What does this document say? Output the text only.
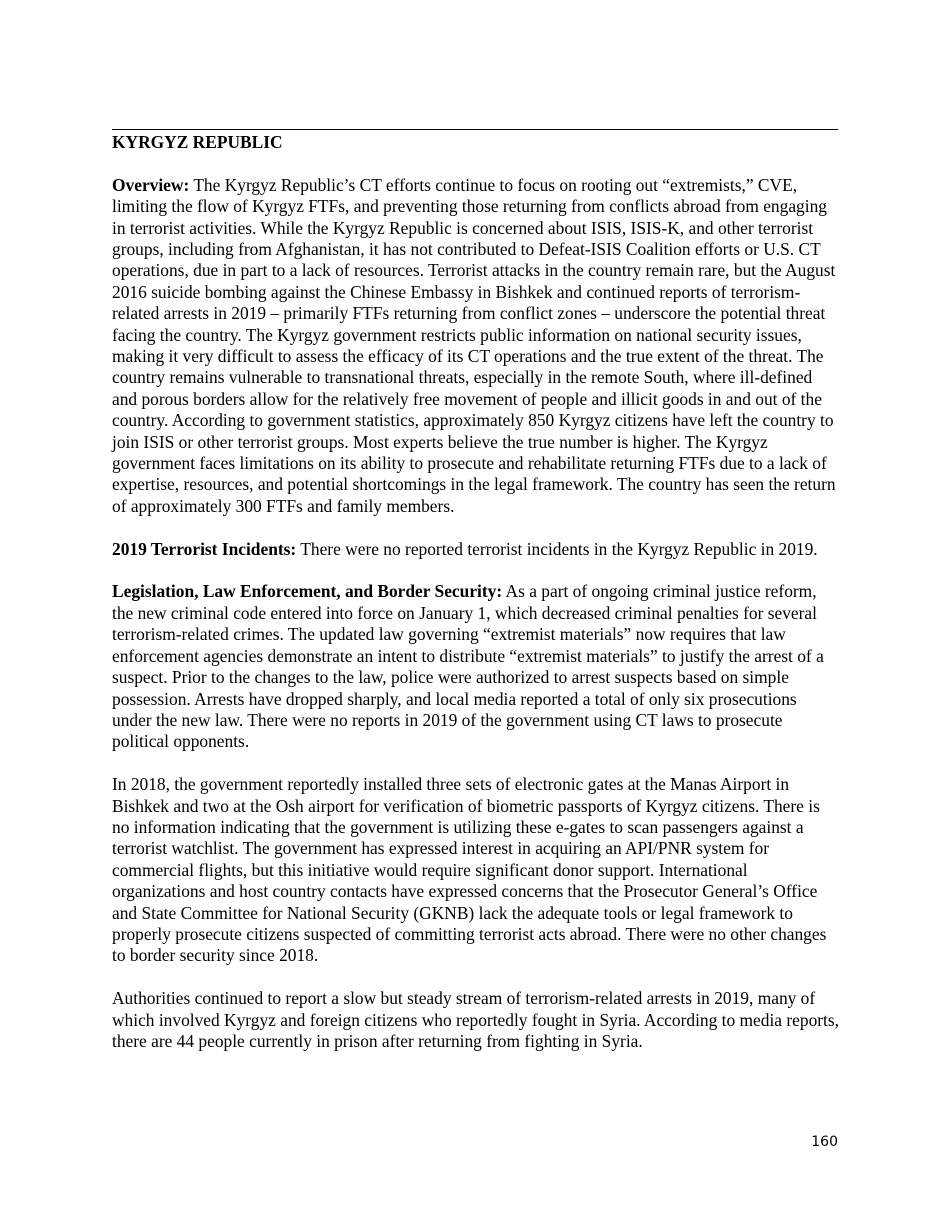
KYRGYZ REPUBLIC

Overview: The Kyrgyz Republic’s CT efforts continue to focus on rooting out “extremists,” CVE, limiting the flow of Kyrgyz FTFs, and preventing those returning from conflicts abroad from engaging in terrorist activities. While the Kyrgyz Republic is concerned about ISIS, ISIS-K, and other terrorist groups, including from Afghanistan, it has not contributed to Defeat-ISIS Coalition efforts or U.S. CT operations, due in part to a lack of resources. Terrorist attacks in the country remain rare, but the August 2016 suicide bombing against the Chinese Embassy in Bishkek and continued reports of terrorism-related arrests in 2019 – primarily FTFs returning from conflict zones – underscore the potential threat facing the country. The Kyrgyz government restricts public information on national security issues, making it very difficult to assess the efficacy of its CT operations and the true extent of the threat. The country remains vulnerable to transnational threats, especially in the remote South, where ill-defined and porous borders allow for the relatively free movement of people and illicit goods in and out of the country. According to government statistics, approximately 850 Kyrgyz citizens have left the country to join ISIS or other terrorist groups. Most experts believe the true number is higher. The Kyrgyz government faces limitations on its ability to prosecute and rehabilitate returning FTFs due to a lack of expertise, resources, and potential shortcomings in the legal framework. The country has seen the return of approximately 300 FTFs and family members.

2019 Terrorist Incidents: There were no reported terrorist incidents in the Kyrgyz Republic in 2019.

Legislation, Law Enforcement, and Border Security: As a part of ongoing criminal justice reform, the new criminal code entered into force on January 1, which decreased criminal penalties for several terrorism-related crimes. The updated law governing “extremist materials” now requires that law enforcement agencies demonstrate an intent to distribute “extremist materials” to justify the arrest of a suspect. Prior to the changes to the law, police were authorized to arrest suspects based on simple possession. Arrests have dropped sharply, and local media reported a total of only six prosecutions under the new law. There were no reports in 2019 of the government using CT laws to prosecute political opponents.

In 2018, the government reportedly installed three sets of electronic gates at the Manas Airport in Bishkek and two at the Osh airport for verification of biometric passports of Kyrgyz citizens. There is no information indicating that the government is utilizing these e-gates to scan passengers against a terrorist watchlist. The government has expressed interest in acquiring an API/PNR system for commercial flights, but this initiative would require significant donor support. International organizations and host country contacts have expressed concerns that the Prosecutor General’s Office and State Committee for National Security (GKNB) lack the adequate tools or legal framework to properly prosecute citizens suspected of committing terrorist acts abroad. There were no other changes to border security since 2018.

Authorities continued to report a slow but steady stream of terrorism-related arrests in 2019, many of which involved Kyrgyz and foreign citizens who reportedly fought in Syria. According to media reports, there are 44 people currently in prison after returning from fighting in Syria.

160
